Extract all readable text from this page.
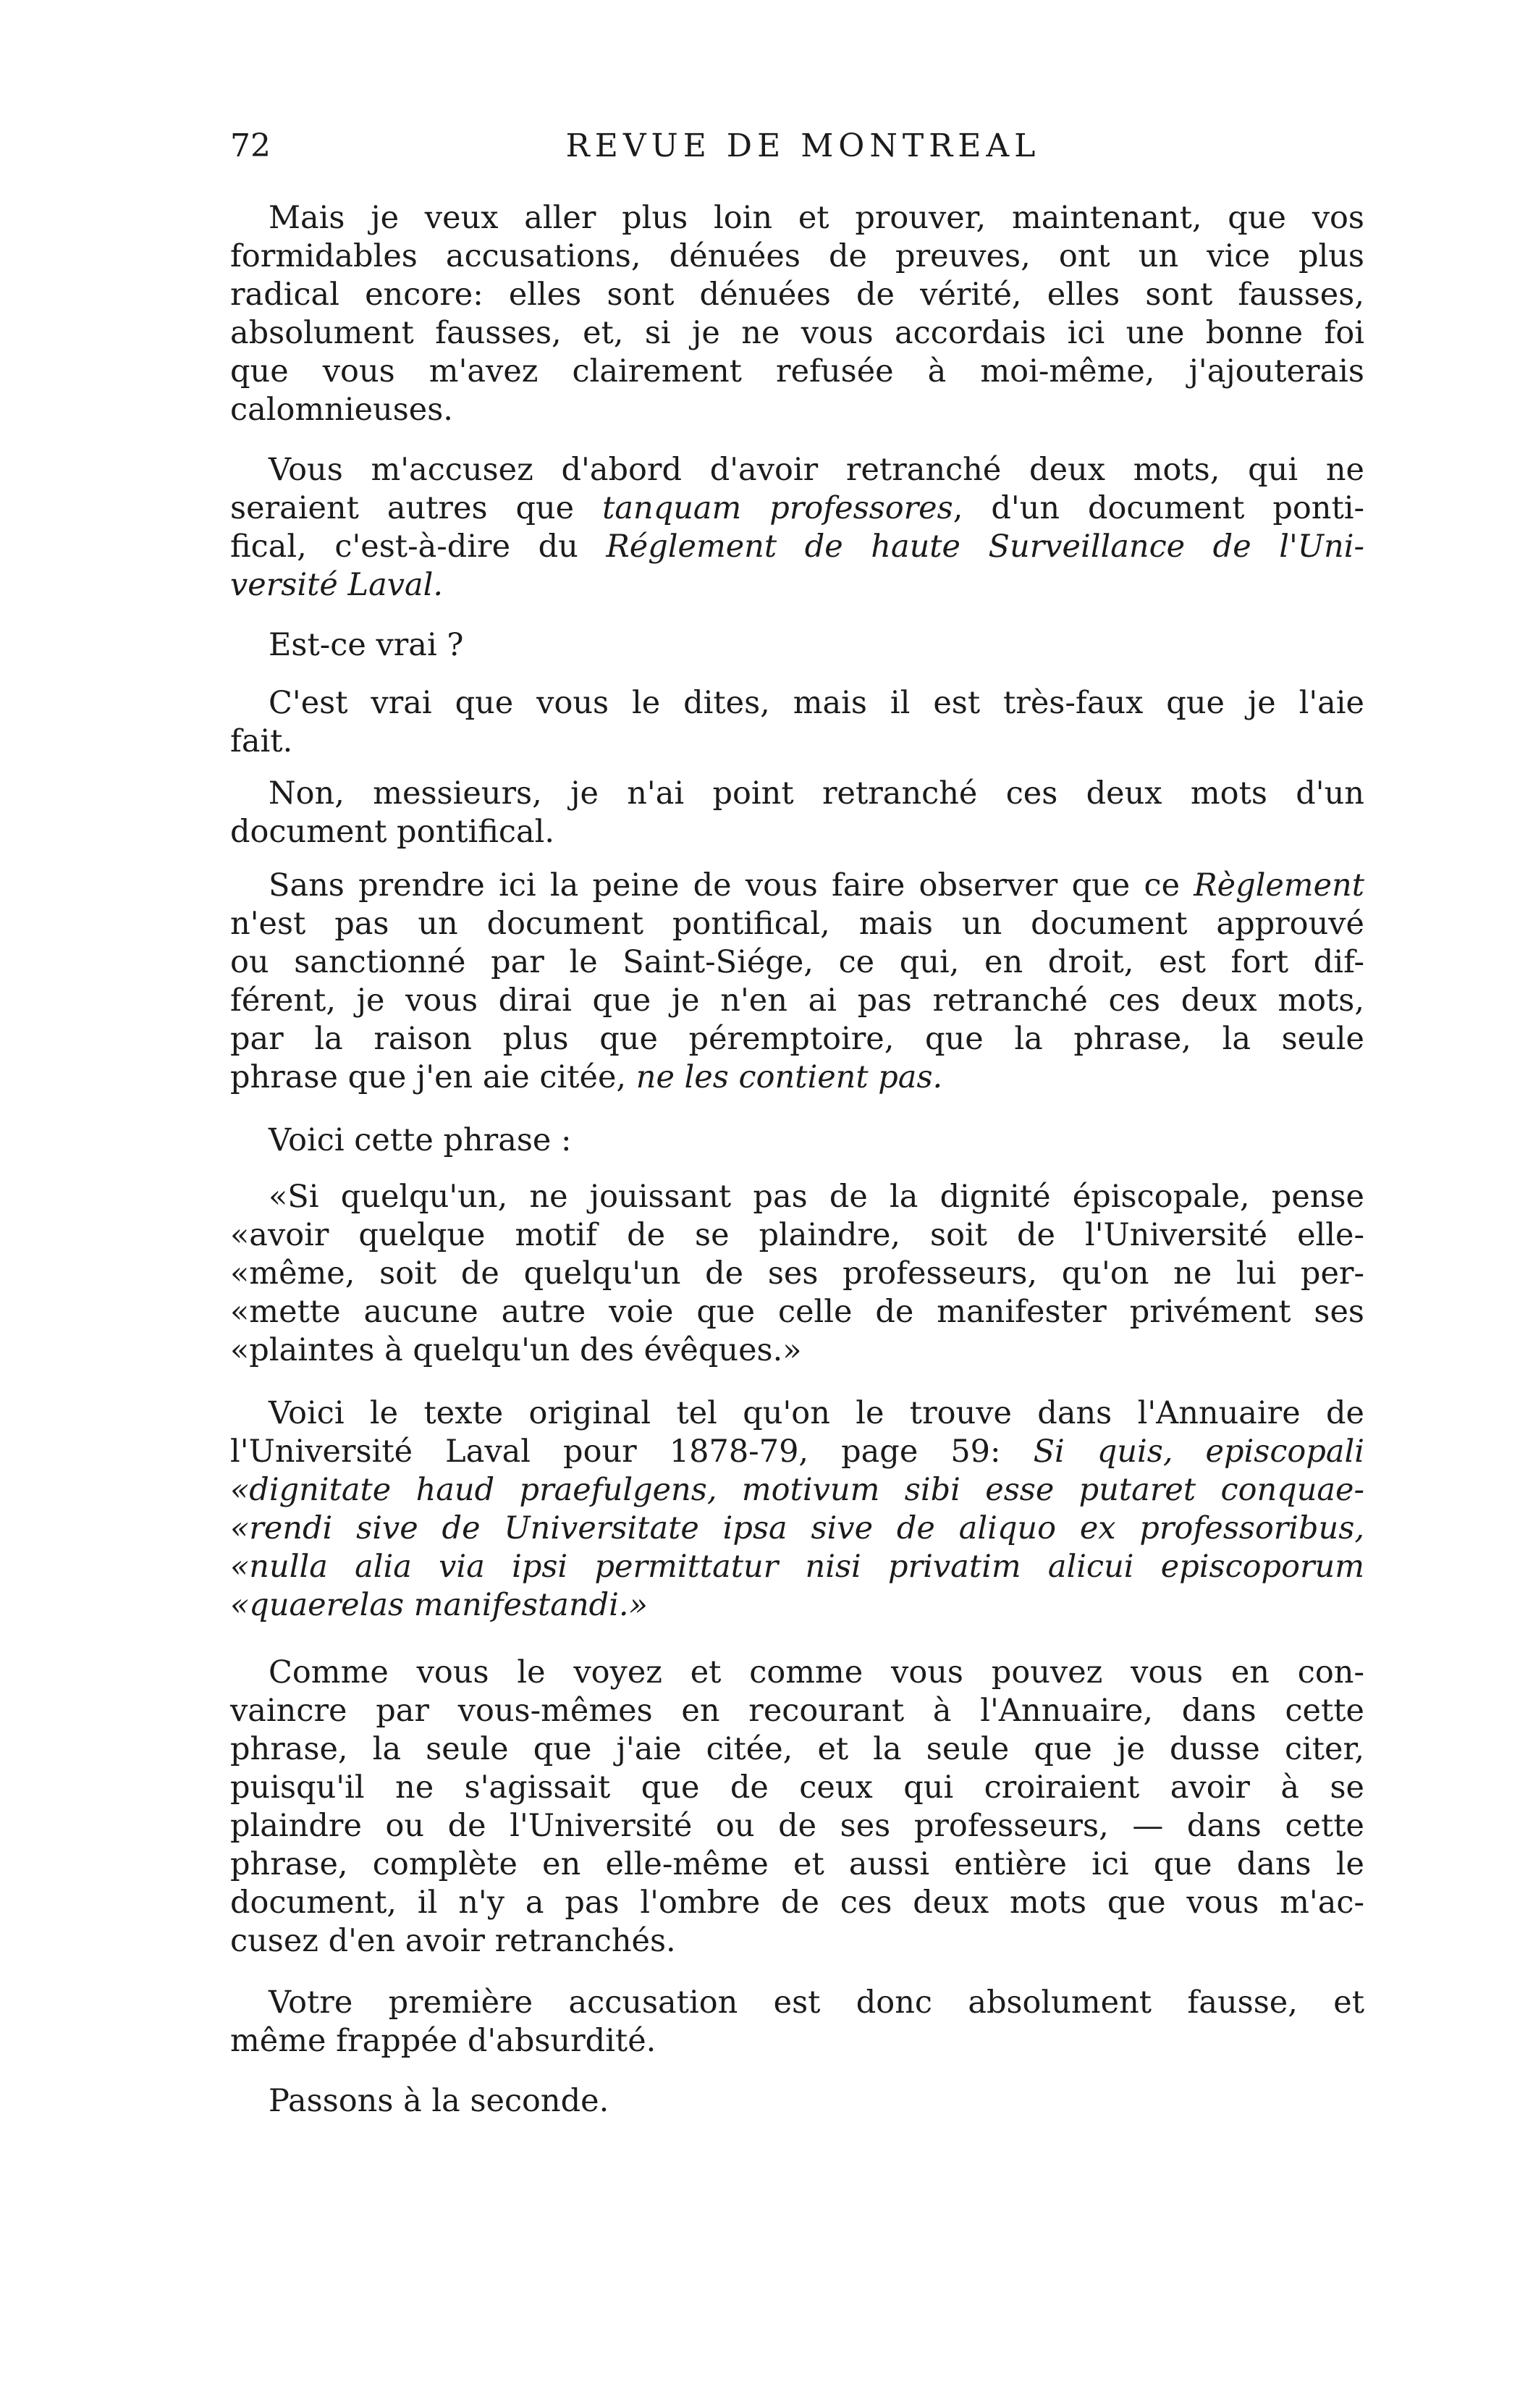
72	REVUE DE MONTREAL
Mais je veux aller plus loin et prouver, maintenant, que vos
formidables accusations, dénuées de preuves, ont un vice plus
radical encore: elles sont dénuées de vérité, elles sont fausses,
absolument fausses, et, si je ne vous accordais ici une bonne foi
que vous m'avez clairement refusée à moi-même, j'ajouterais
calomnieuses.
Vous m'accusez d'abord d'avoir retranché deux mots, qui ne
seraient autres que tanquam professores, d'un document ponti-
fical, c'est-à-dire du Réglement de haute Surveillance de l'Uni-
versité Laval.
Est-ce vrai ?
C'est vrai que vous le dites, mais il est très-faux que je l'aie
fait.
Non, messieurs, je n'ai point retranché ces deux mots d'un
document pontifical.
Sans prendre ici la peine de vous faire observer que ce Règlement
n'est pas un document pontifical, mais un document approuvé
ou sanctionné par le Saint-Siége, ce qui, en droit, est fort dif-
férent, je vous dirai que je n'en ai pas retranché ces deux mots,
par la raison plus que péremptoire, que la phrase, la seule
phrase que j'en aie citée, ne les contient pas.
Voici cette phrase :
«Si quelqu'un, ne jouissant pas de la dignité épiscopale, pense
«avoir quelque motif de se plaindre, soit de l'Université elle-
«même, soit de quelqu'un de ses professeurs, qu'on ne lui per-
«mette aucune autre voie que celle de manifester privément ses
«plaintes à quelqu'un des évêques.»
Voici le texte original tel qu'on le trouve dans l'Annuaire de
l'Université Laval pour 1878-79, page 59: Si quis, episcopali
«dignitate haud praefulgens, motivum sibi esse putaret conquae-
«rendi sive de Universitate ipsa sive de aliquo ex professoribus,
«nulla alia via ipsi permittatur nisi privatim alicui episcoporum
«quaerelas manifestandi.»
Comme vous le voyez et comme vous pouvez vous en con-
vaincre par vous-mêmes en recourant à l'Annuaire, dans cette
phrase, la seule que j'aie citée, et la seule que je dusse citer,
puisqu'il ne s'agissait que de ceux qui croiraient avoir à se
plaindre ou de l'Université ou de ses professeurs, — dans cette
phrase, complète en elle-même et aussi entière ici que dans le
document, il n'y a pas l'ombre de ces deux mots que vous m'ac-
cusez d'en avoir retranchés.
Votre première accusation est donc absolument fausse, et
même frappée d'absurdité.
Passons à la seconde.
